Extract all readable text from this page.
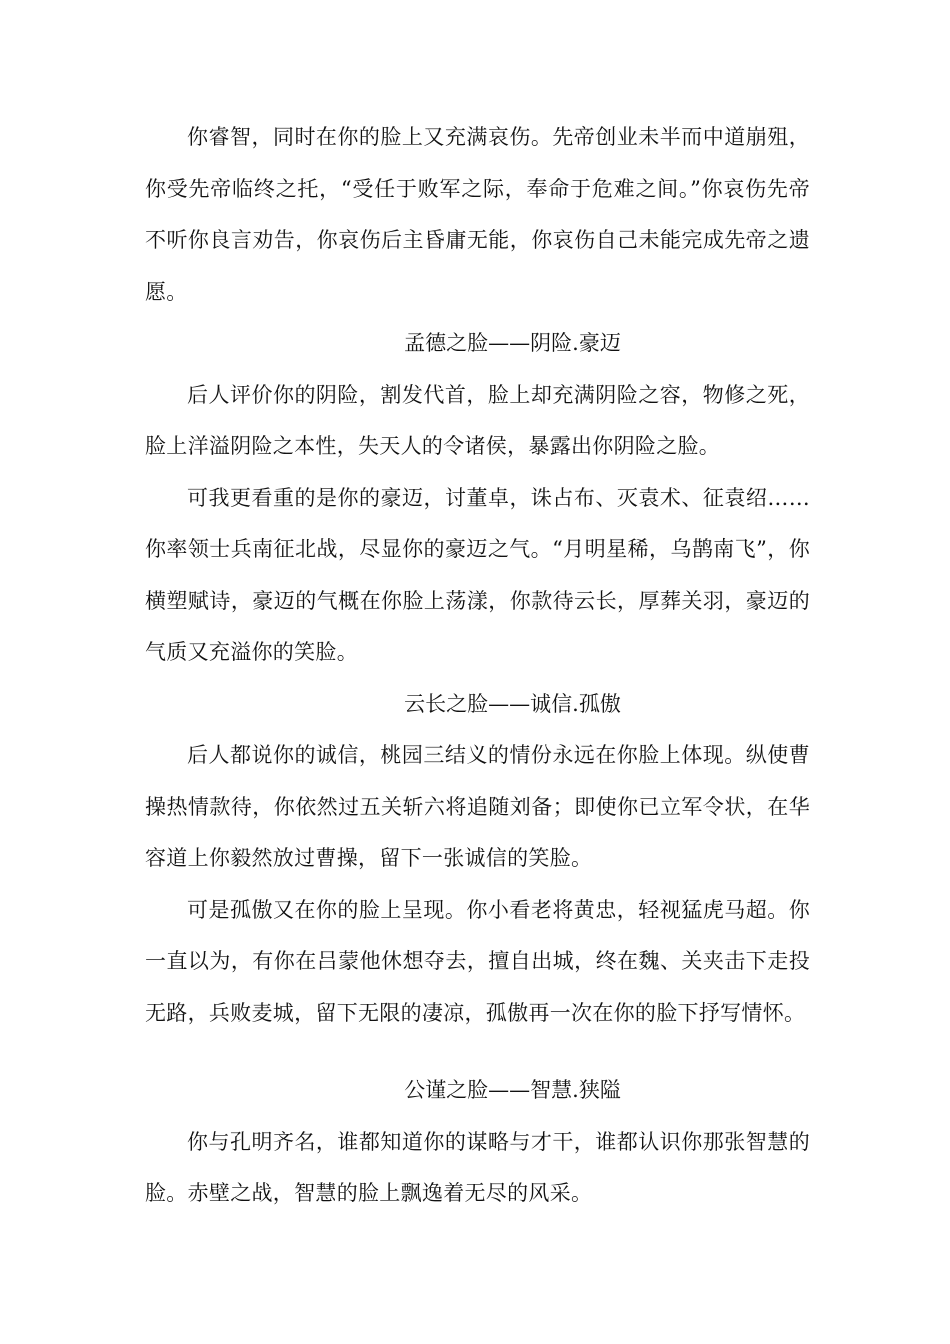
你睿智，同时在你的脸上又充满哀伤。先帝创业未半而中道崩殂，你受先帝临终之托，“受任于败军之际，奉命于危难之间。”你哀伤先帝不听你良言劝告，你哀伤后主昏庸无能，你哀伤自己未能完成先帝之遗愿。

孟德之脸——阴险.豪迈

后人评价你的阴险，割发代首，脸上却充满阴险之容，物修之死，脸上洋溢阴险之本性，失天人的令诸侯，暴露出你阴险之脸。

可我更看重的是你的豪迈，讨董卓，诛占布、灭袁术、征袁绍……你率领士兵南征北战，尽显你的豪迈之气。“月明星稀，乌鹊南飞”，你横塑赋诗，豪迈的气概在你脸上荡漾，你款待云长，厚葬关羽，豪迈的气质又充溢你的笑脸。

云长之脸——诚信.孤傲

后人都说你的诚信，桃园三结义的情份永远在你脸上体现。纵使曹操热情款待，你依然过五关斩六将追随刘备；即使你已立军令状，在华容道上你毅然放过曹操，留下一张诚信的笑脸。

可是孤傲又在你的脸上呈现。你小看老将黄忠，轻视猛虎马超。你一直以为，有你在吕蒙他休想夺去，擅自出城，终在魏、关夹击下走投无路，兵败麦城，留下无限的凄凉，孤傲再一次在你的脸下抒写情怀。

公谨之脸——智慧.狭隘

你与孔明齐名，谁都知道你的谋略与才干，谁都认识你那张智慧的脸。赤壁之战，智慧的脸上飘逸着无尽的风采。
